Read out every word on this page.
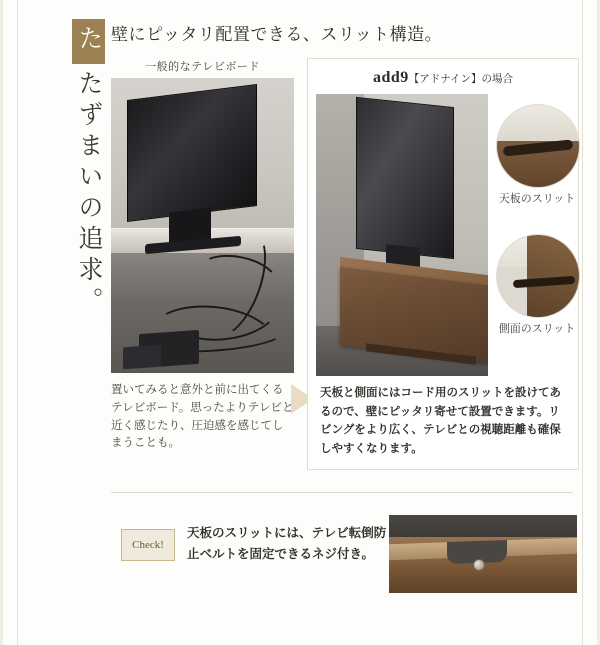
たたずまいの追求。
壁にピッタリ配置できる、スリット構造。
一般的なテレビボード
置いてみると意外と前に出てくるテレビボード。思ったよりテレビと近く感じたり、圧迫感を感じてしまうことも。
add9【アドナイン】の場合
天板のスリット
側面のスリット
天板と側面にはコード用のスリットを設けてあるので、壁にピッタリ寄せて設置できます。リビングをより広く、テレビとの視聴距離も確保しやすくなります。
Check!
天板のスリットには、テレビ転倒防止ベルトを固定できるネジ付き。
